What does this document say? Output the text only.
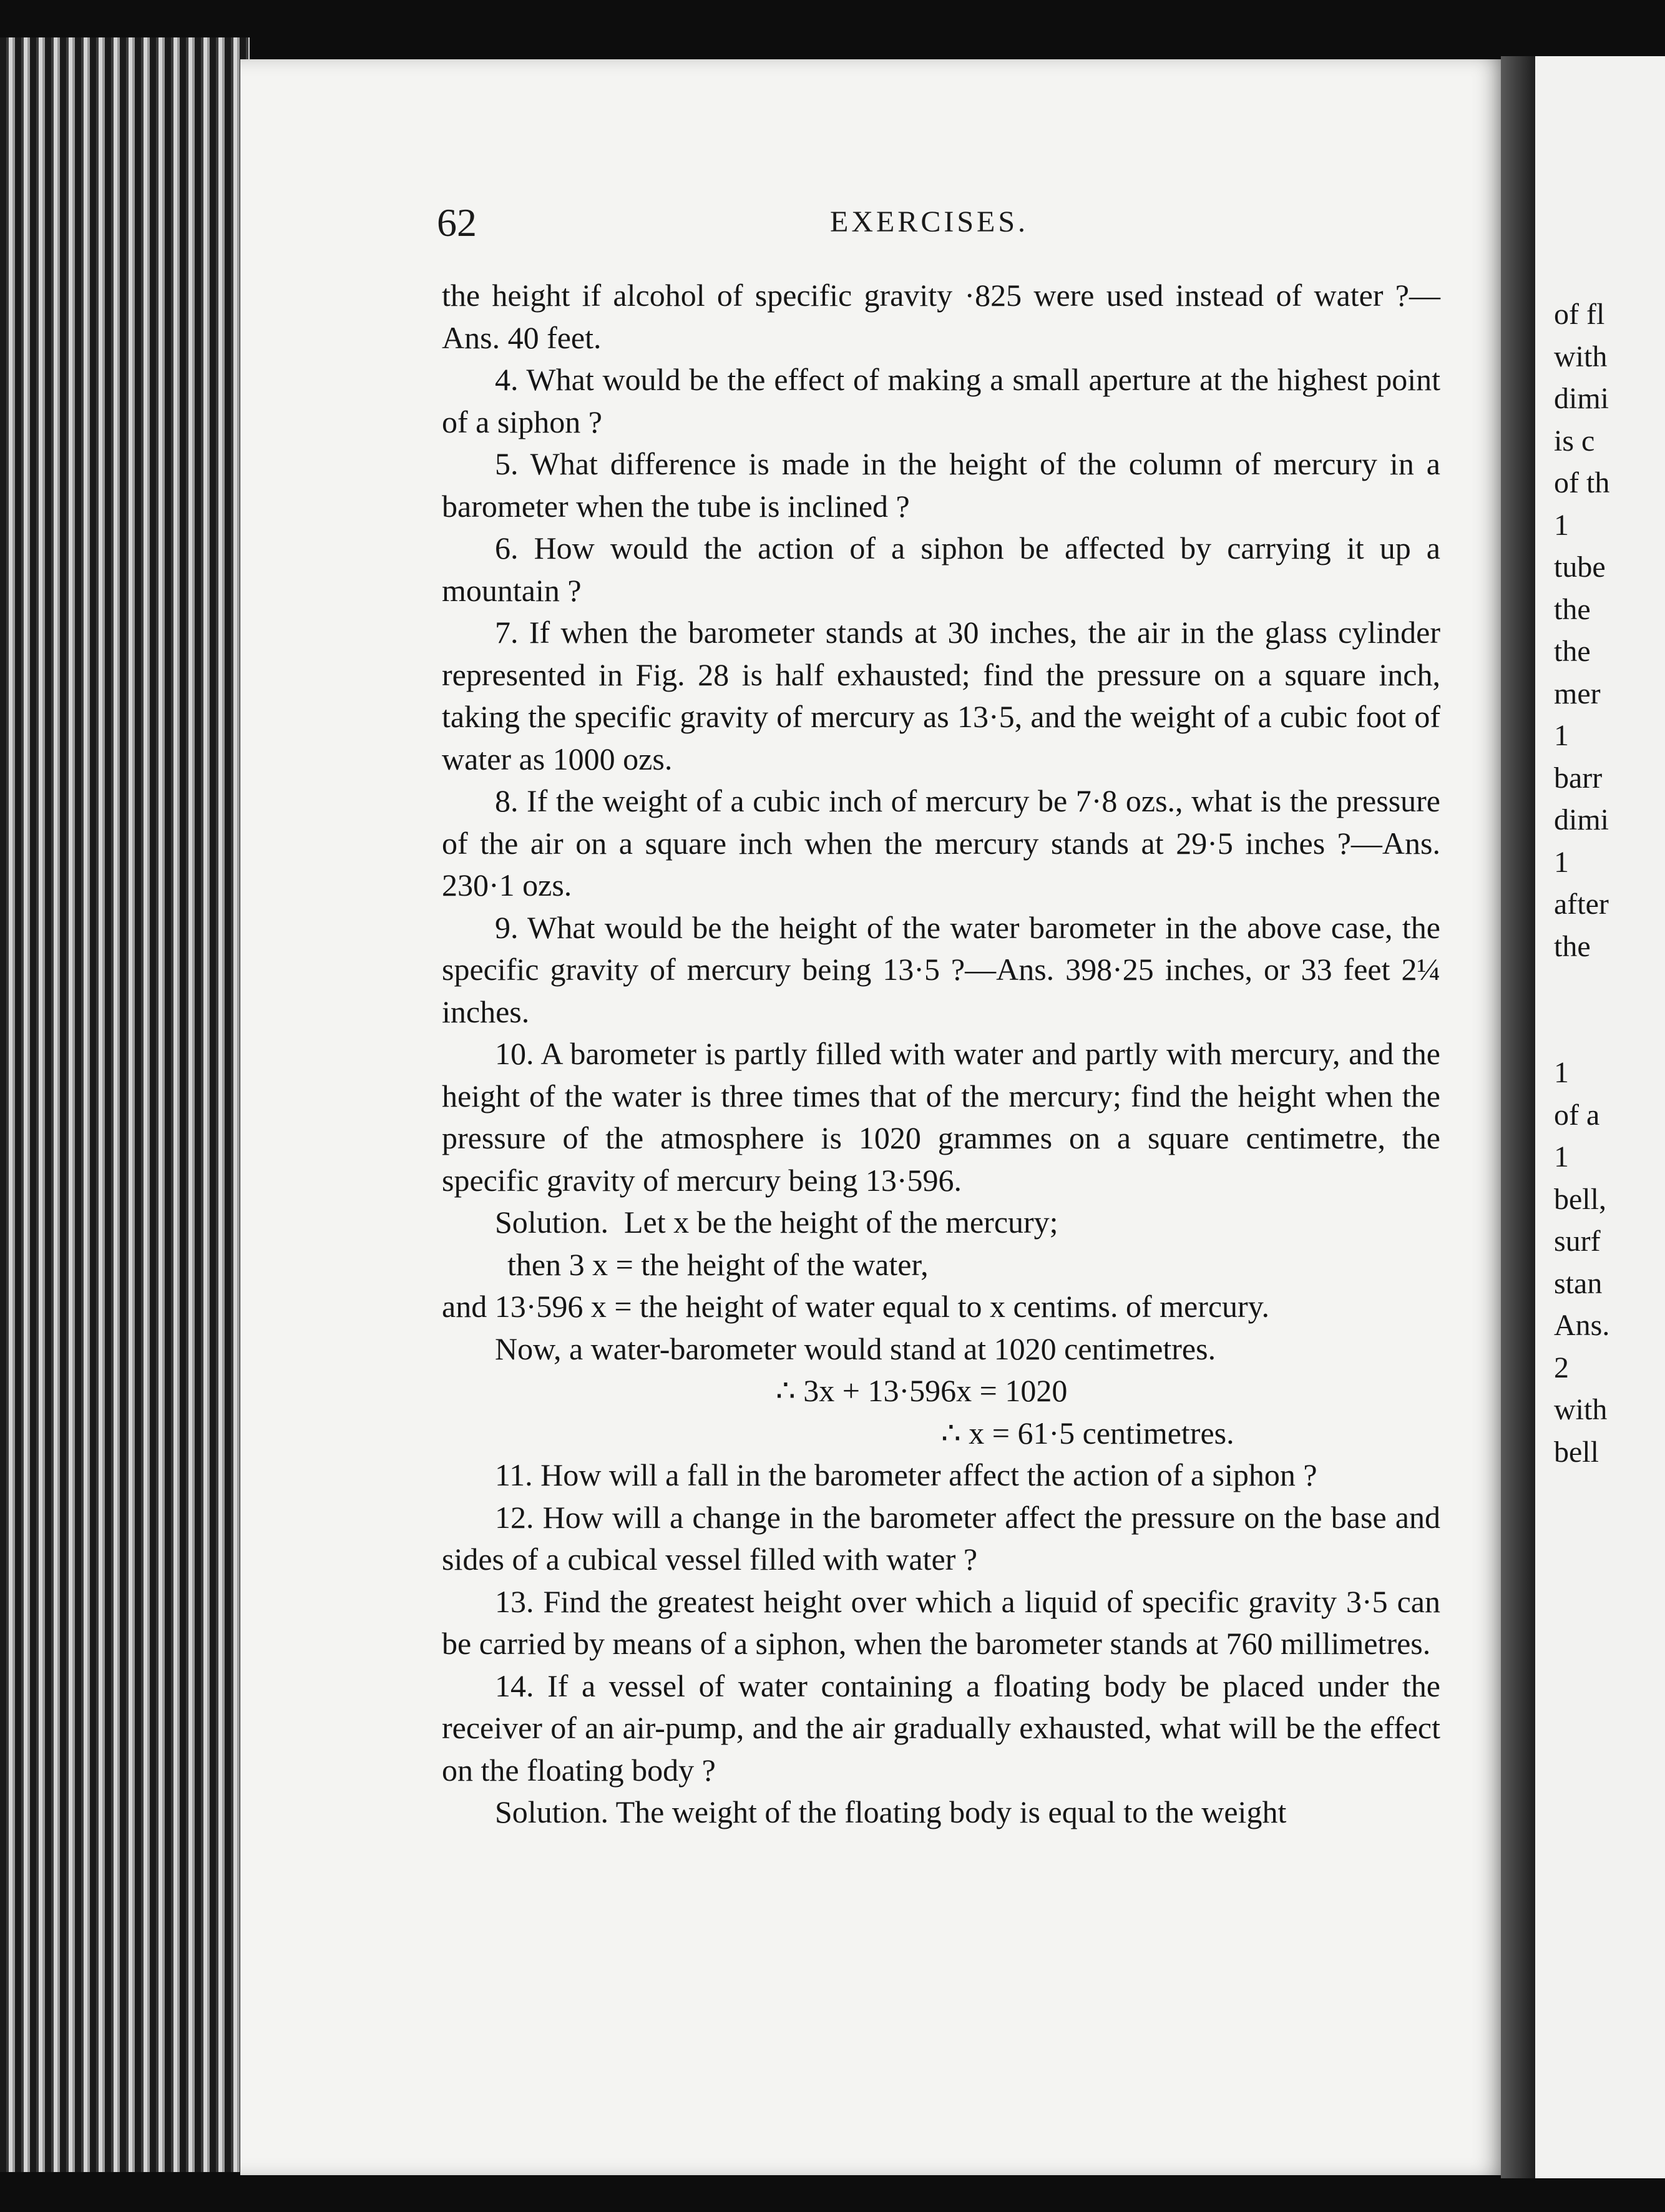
62	EXERCISES.

the height if alcohol of specific gravity ·825 were used instead of water ?—Ans. 40 feet.

4. What would be the effect of making a small aperture at the highest point of a siphon ?

5. What difference is made in the height of the column of mercury in a barometer when the tube is inclined ?

6. How would the action of a siphon be affected by carrying it up a mountain ?

7. If when the barometer stands at 30 inches, the air in the glass cylinder represented in Fig. 28 is half exhausted; find the pressure on a square inch, taking the specific gravity of mercury as 13·5, and the weight of a cubic foot of water as 1000 ozs.

8. If the weight of a cubic inch of mercury be 7·8 ozs., what is the pressure of the air on a square inch when the mercury stands at 29·5 inches ?—Ans. 230·1 ozs.

9. What would be the height of the water barometer in the above case, the specific gravity of mercury being 13·5 ?—Ans. 398·25 inches, or 33 feet 2¼ inches.

10. A barometer is partly filled with water and partly with mercury, and the height of the water is three times that of the mercury; find the height when the pressure of the atmosphere is 1020 grammes on a square centimetre, the specific gravity of mercury being 13·596.

Solution.  Let x be the height of the mercury;

then 3 x = the height of the water,

and 13·596 x = the height of water equal to x centims. of mercury.

Now, a water-barometer would stand at 1020 centimetres.

∴ 3x + 13·596x = 1020

∴ x = 61·5 centimetres.

11. How will a fall in the barometer affect the action of a siphon ?

12. How will a change in the barometer affect the pressure on the base and sides of a cubical vessel filled with water ?

13. Find the greatest height over which a liquid of specific gravity 3·5 can be carried by means of a siphon, when the barometer stands at 760 millimetres.

14. If a vessel of water containing a floating body be placed under the receiver of an air-pump, and the air gradually exhausted, what will be the effect on the floating body ?

Solution. The weight of the floating body is equal to the weight

of fl
with
dimi
is c
of th
1
tube
the
the
mer
1
barr
dimi
1
after
the
1
of a
1
bell,
surf
stan
Ans.
2
with
bell
